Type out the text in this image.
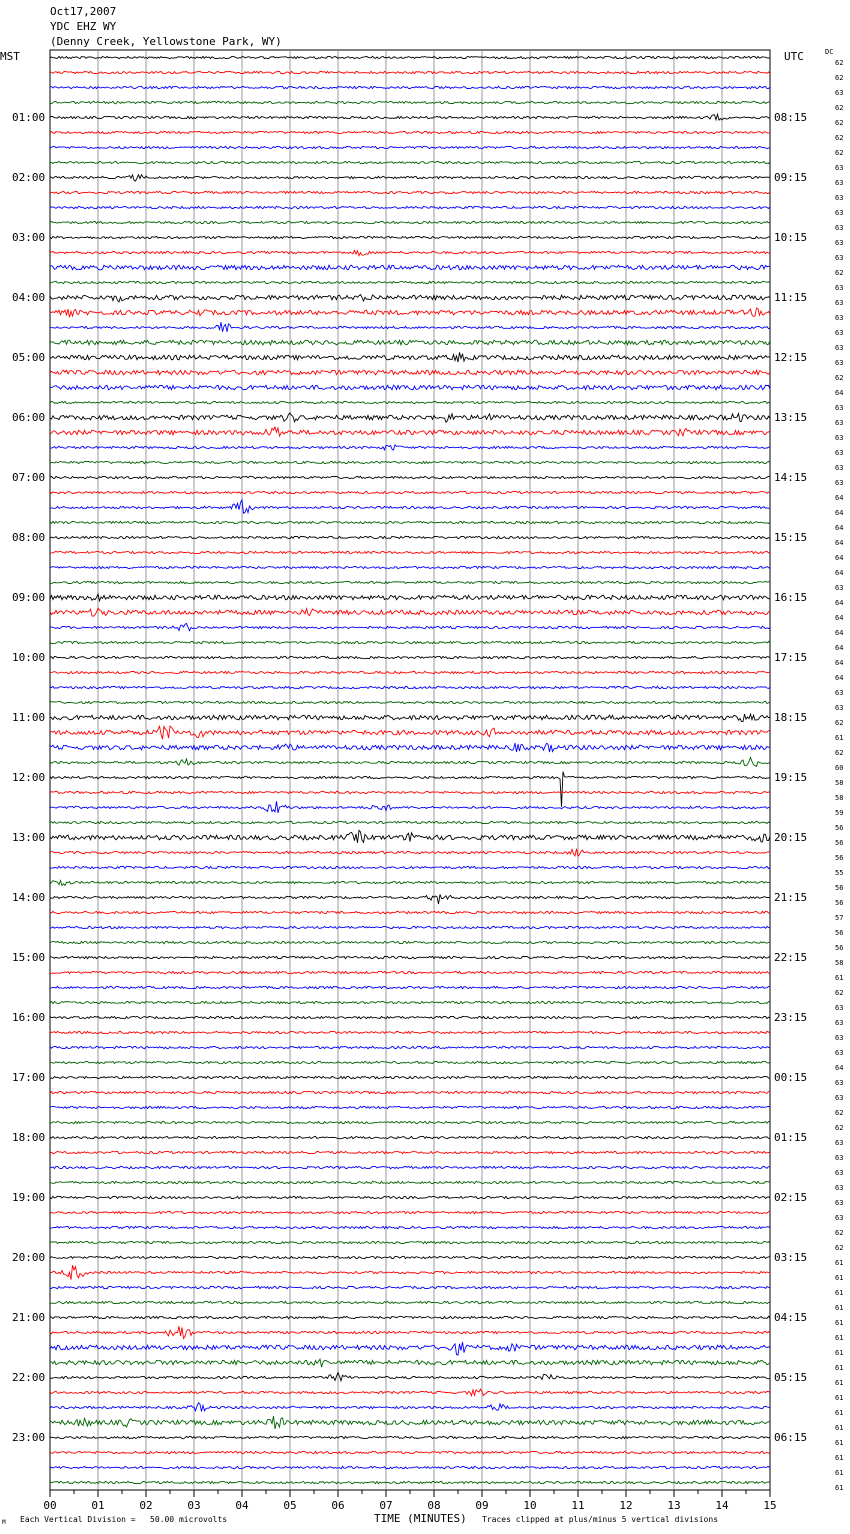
Oct17,2007
YDC EHZ WY
(Denny Creek, Yellowstone Park, WY)
MST	UTC	DC
00	01	02	03	04	05	06	07	08	09	10	11	12	13	14	15
01:00
02:00
03:00
04:00
05:00
06:00
07:00
08:00
09:00
10:00
11:00
12:00
13:00
14:00
15:00
16:00
17:00
18:00
19:00
20:00
21:00
22:00
23:00
08:15
09:15
10:15
11:15
12:15
13:15
14:15
15:15
16:15
17:15
18:15
19:15
20:15
21:15
22:15
23:15
00:15
01:15
02:15
03:15
04:15
05:15
06:15
62
62
63
62
62
62
62
63
63
63
63
63
63
63
62
63
63
63
63
63
63
62
64
63
63
63
63
63
63
64
64
64
64
64
64
63
64
64
64
64
64
64
63
63
62
61
62
60
58
58
59
56
56
56
55
56
56
57
56
56
58
61
62
63
63
63
63
64
63
63
62
62
63
63
63
63
63
63
62
62
61
61
61
61
61
61
61
61
61
61
61
61
61
61
61
61
M Each Vertical Division =   50.00 microvolts	TIME (MINUTES) Traces clipped at plus/minus 5 vertical divisions
